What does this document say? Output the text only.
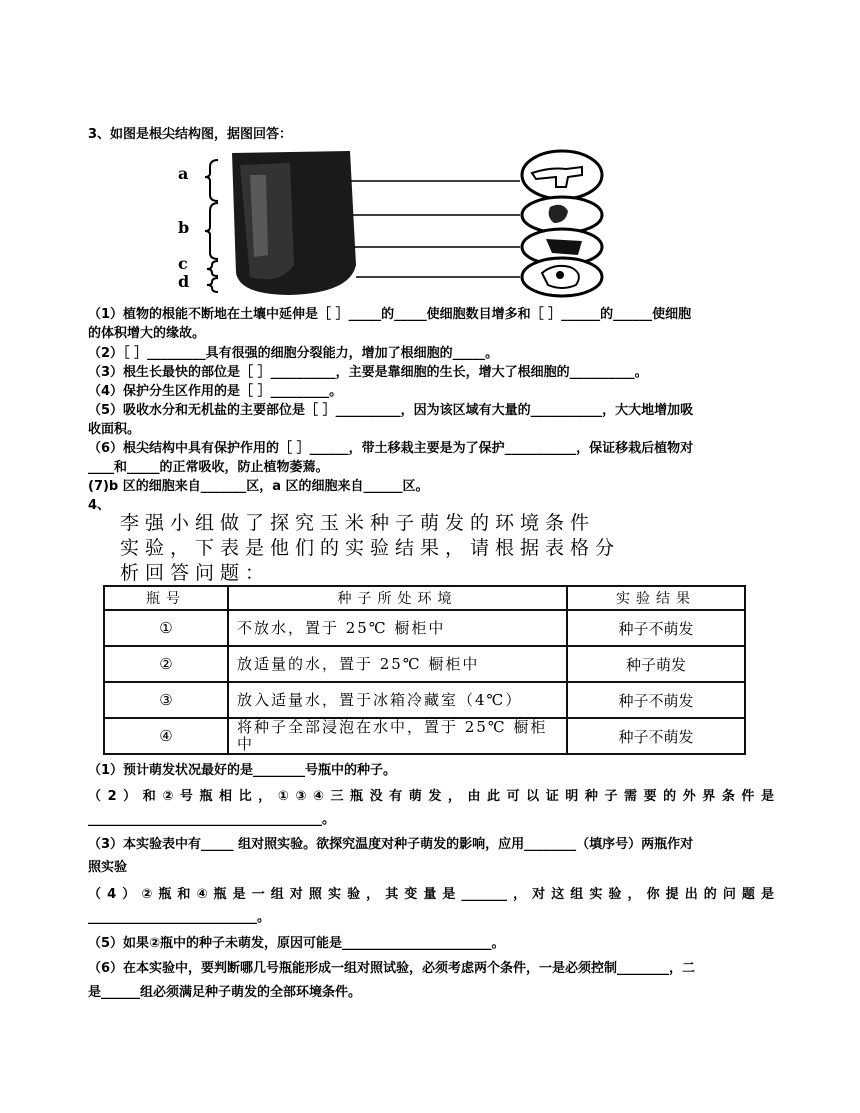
3、如图是根尖结构图，据图回答：
a
b
c
d
（1）植物的根能不断地在土壤中延伸是［ ］_____的_____使细胞数目增多和［ ］______的______使细胞
的体积增大的缘故。
（2）［ ］_________具有很强的细胞分裂能力，增加了根细胞的_____。
（3）根生长最快的部位是［ ］__________，主要是靠细胞的生长，增大了根细胞的__________。
（4）保护分生区作用的是［ ］_________。
（5）吸收水分和无机盐的主要部位是［ ］__________，因为该区域有大量的___________，大大地增加吸
收面积。
（6）根尖结构中具有保护作用的［ ］______，带土移栽主要是为了保护___________，保证移栽后植物对
____和_____的正常吸收，防止植物萎蔫。
(7)b 区的细胞来自_______区，a 区的细胞来自______区。
4、
李强小组做了探究玉米种子萌发的环境条件
实验，下表是他们的实验结果，请根据表格分
析回答问题：
瓶号	种子所处环境	实验结果
①	不放水，置于 25℃ 橱柜中	种子不萌发
②	放适量的水，置于 25℃ 橱柜中	种子萌发
③	放入适量水，置于冰箱冷藏室（4℃）	种子不萌发
④	将种子全部浸泡在水中，置于 25℃ 橱柜中	种子不萌发
（1）预计萌发状况最好的是________号瓶中的种子。
（2）和②号瓶相比，①③④三瓶没有萌发，由此可以证明种子需要的外界条件是
____________________________________。
（3）本实验表中有_____ 组对照实验。欲探究温度对种子萌发的影响，应用________（填序号）两瓶作对
照实验
（4）②瓶和④瓶是一组对照实验，其变量是_______，对这组实验，你提出的问题是
__________________________。
（5）如果②瓶中的种子未萌发，原因可能是_______________________。
（6）在本实验中，要判断哪几号瓶能形成一组对照试验，必须考虑两个条件，一是必须控制________，二
是______组必须满足种子萌发的全部环境条件。
